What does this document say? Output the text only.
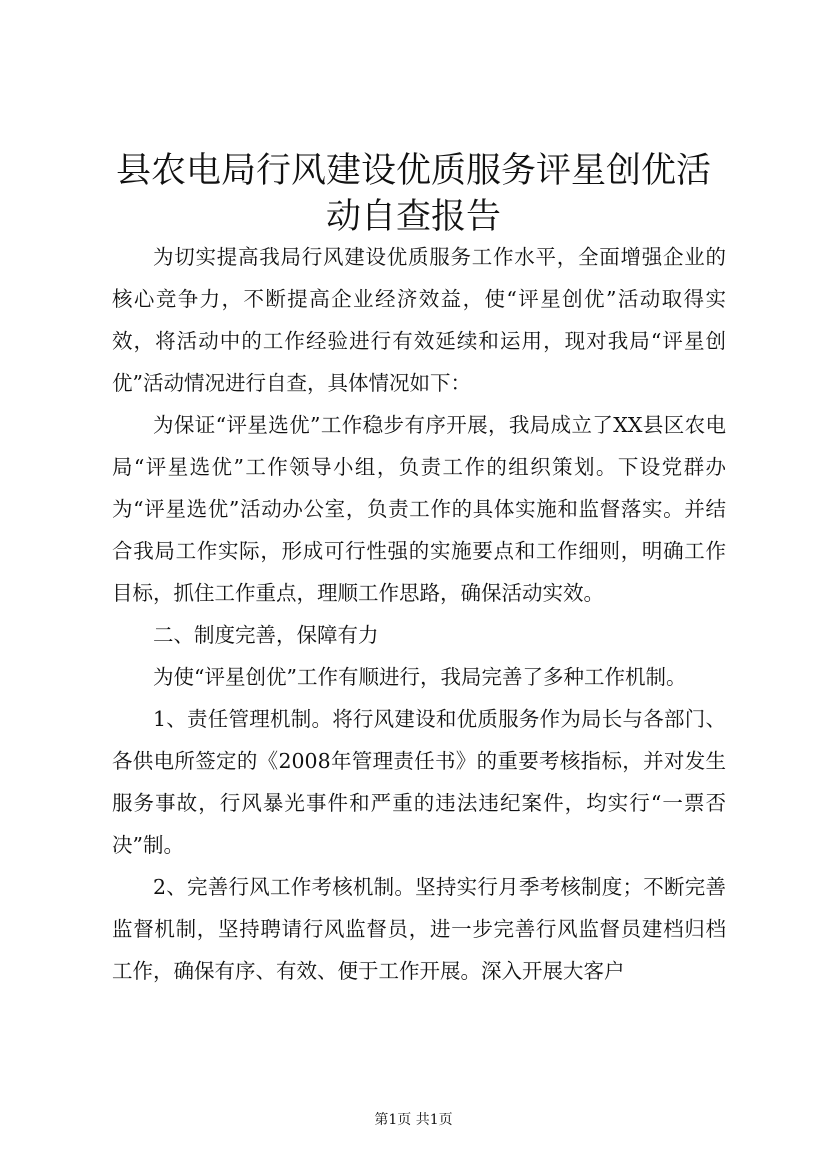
县农电局行风建设优质服务评星创优活动自查报告

为切实提高我局行风建设优质服务工作水平，全面增强企业的核心竞争力，不断提高企业经济效益，使“评星创优”活动取得实效，将活动中的工作经验进行有效延续和运用，现对我局“评星创优”活动情况进行自查，具体情况如下：

为保证“评星选优”工作稳步有序开展，我局成立了XX县区农电局“评星选优”工作领导小组，负责工作的组织策划。下设党群办为“评星选优”活动办公室，负责工作的具体实施和监督落实。并结合我局工作实际，形成可行性强的实施要点和工作细则，明确工作目标，抓住工作重点，理顺工作思路，确保活动实效。

二、制度完善，保障有力

为使“评星创优”工作有顺进行，我局完善了多种工作机制。

1、责任管理机制。将行风建设和优质服务作为局长与各部门、各供电所签定的《2008年管理责任书》的重要考核指标，并对发生服务事故，行风暴光事件和严重的违法违纪案件，均实行“一票否决”制。

2、完善行风工作考核机制。坚持实行月季考核制度；不断完善监督机制，坚持聘请行风监督员，进一步完善行风监督员建档归档工作，确保有序、有效、便于工作开展。深入开展大客户

第1页 共1页
